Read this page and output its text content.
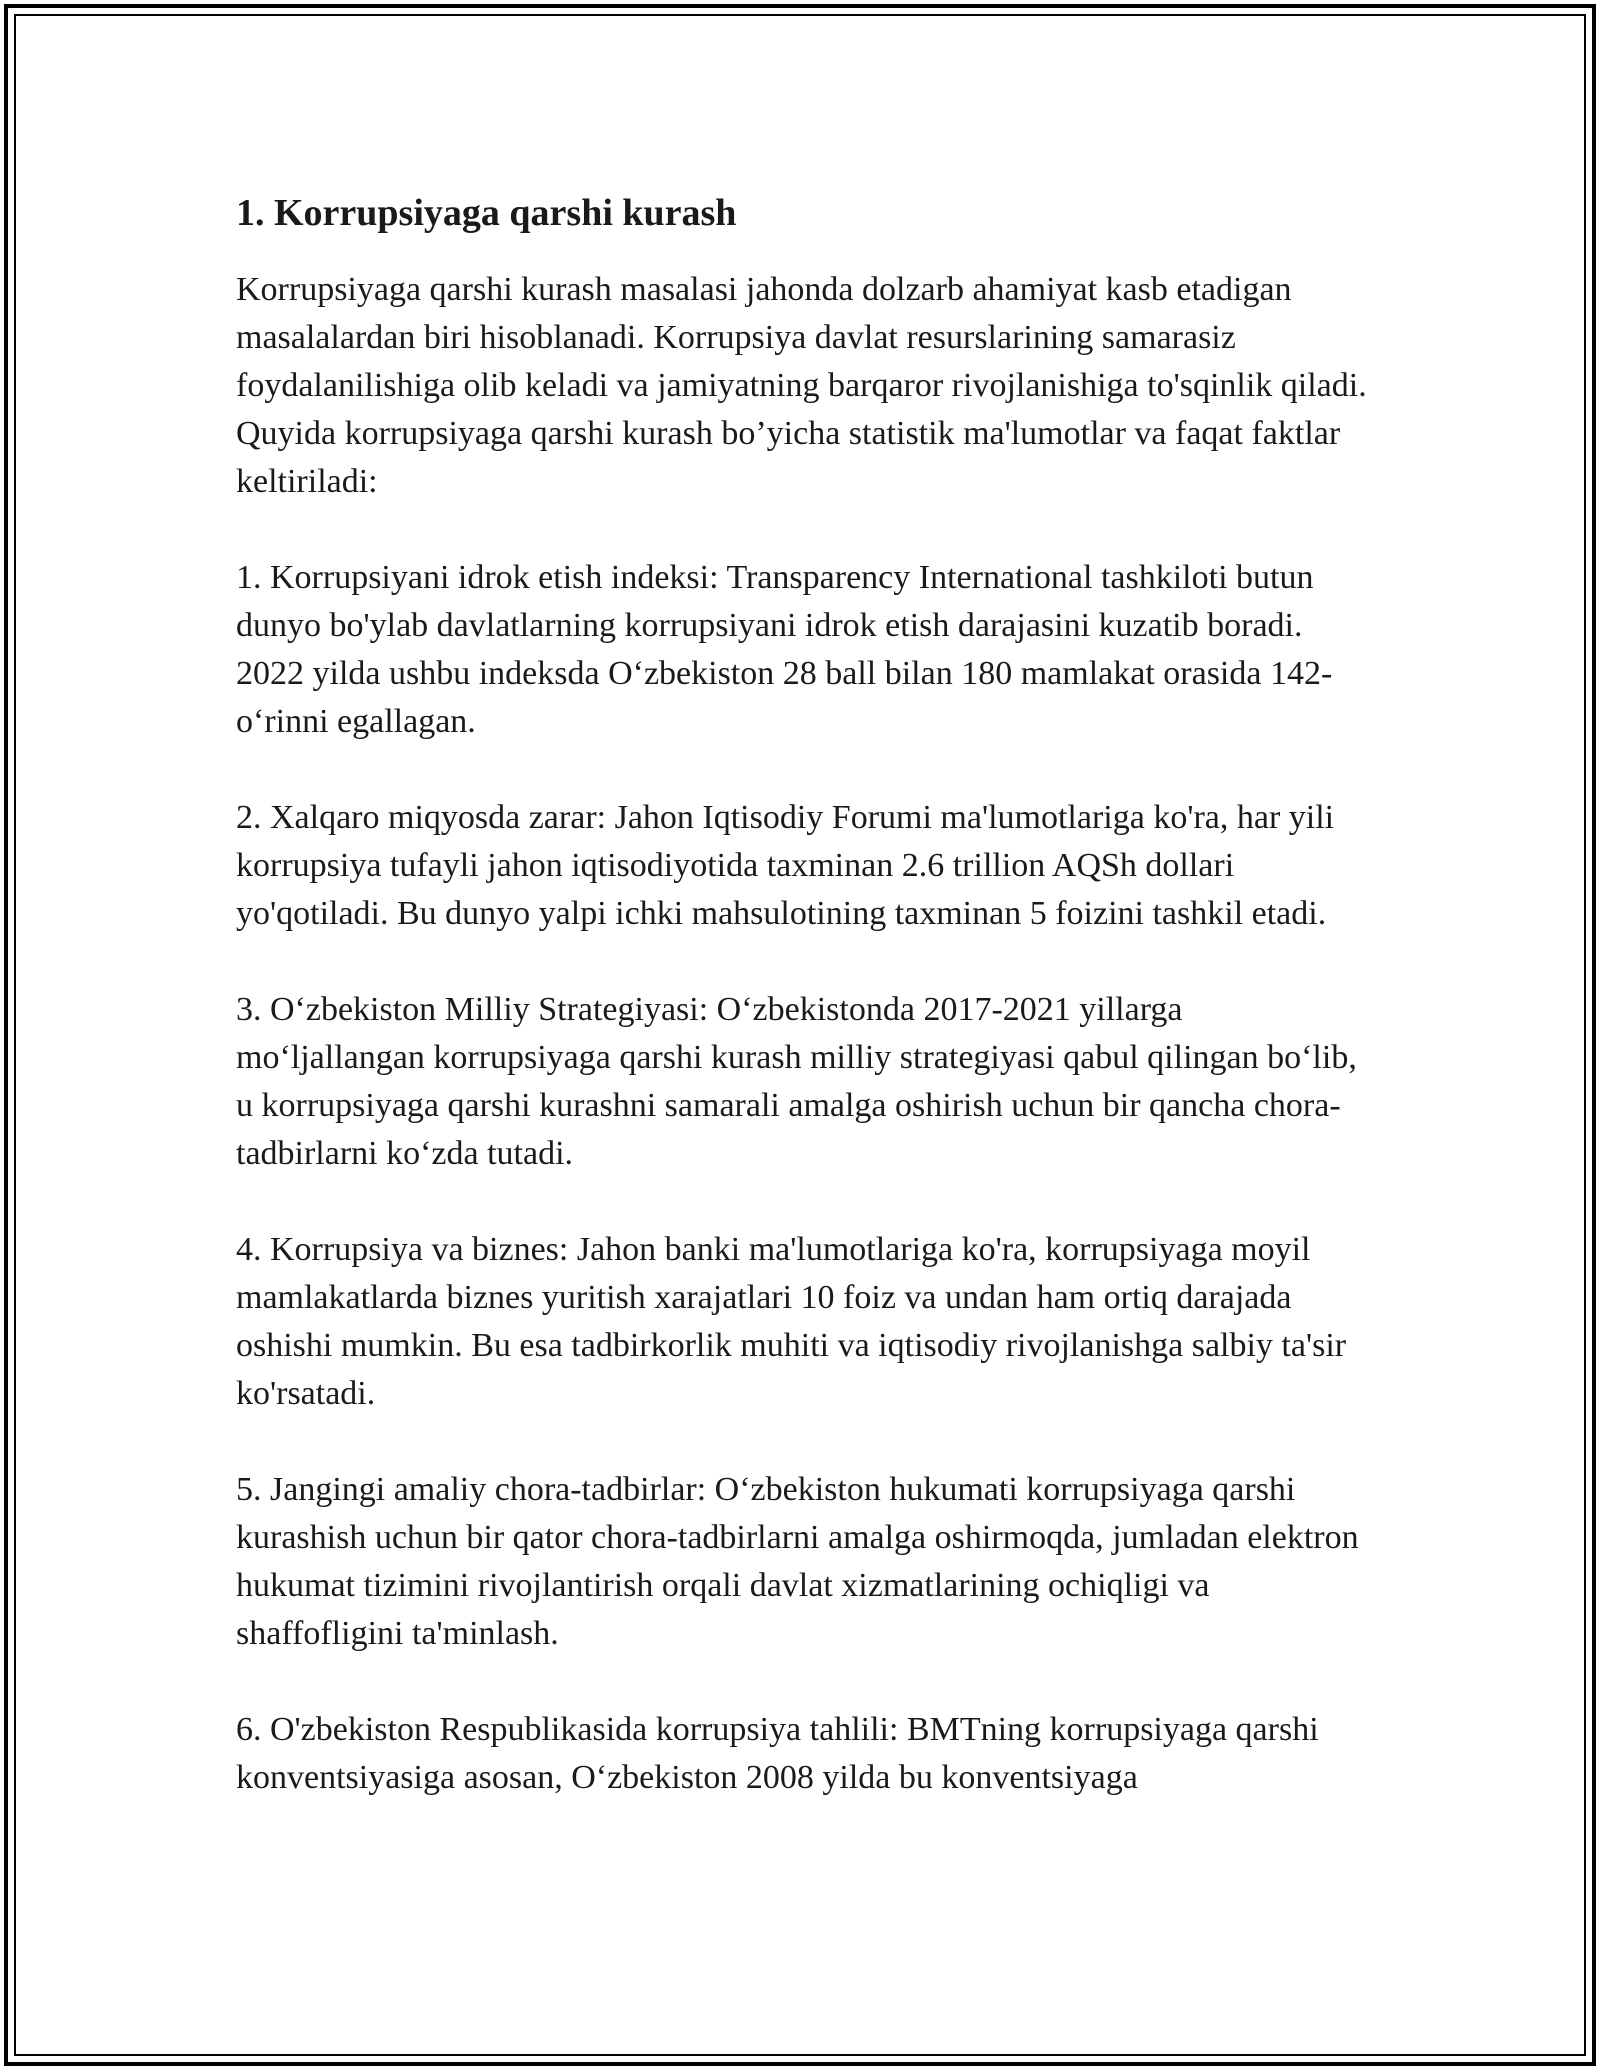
1. Korrupsiyaga qarshi kurash

Korrupsiyaga qarshi kurash masalasi jahonda dolzarb ahamiyat kasb etadigan masalalardan biri hisoblanadi. Korrupsiya davlat resurslarining samarasiz foydalanilishiga olib keladi va jamiyatning barqaror rivojlanishiga to'sqinlik qiladi. Quyida korrupsiyaga qarshi kurash bo’yicha statistik ma'lumotlar va faqat faktlar keltiriladi:

1. Korrupsiyani idrok etish indeksi: Transparency International tashkiloti butun dunyo bo'ylab davlatlarning korrupsiyani idrok etish darajasini kuzatib boradi. 2022 yilda ushbu indeksda O‘zbekiston 28 ball bilan 180 mamlakat orasida 142-o‘rinni egallagan.

2. Xalqaro miqyosda zarar: Jahon Iqtisodiy Forumi ma'lumotlariga ko'ra, har yili korrupsiya tufayli jahon iqtisodiyotida taxminan 2.6 trillion AQSh dollari yo'qotiladi. Bu dunyo yalpi ichki mahsulotining taxminan 5 foizini tashkil etadi.

3. O‘zbekiston Milliy Strategiyasi: O‘zbekistonda 2017-2021 yillarga mo‘ljallangan korrupsiyaga qarshi kurash milliy strategiyasi qabul qilingan bo‘lib, u korrupsiyaga qarshi kurashni samarali amalga oshirish uchun bir qancha chora-tadbirlarni ko‘zda tutadi.

4. Korrupsiya va biznes: Jahon banki ma'lumotlariga ko'ra, korrupsiyaga moyil mamlakatlarda biznes yuritish xarajatlari 10 foiz va undan ham ortiq darajada oshishi mumkin. Bu esa tadbirkorlik muhiti va iqtisodiy rivojlanishga salbiy ta'sir ko'rsatadi.

5. Jangingi amaliy chora-tadbirlar: O‘zbekiston hukumati korrupsiyaga qarshi kurashish uchun bir qator chora-tadbirlarni amalga oshirmoqda, jumladan elektron hukumat tizimini rivojlantirish orqali davlat xizmatlarining ochiqligi va shaffofligini ta'minlash.

6. O'zbekiston Respublikasida korrupsiya tahlili: BMTning korrupsiyaga qarshi konventsiyasiga asosan, O‘zbekiston 2008 yilda bu konventsiyaga
